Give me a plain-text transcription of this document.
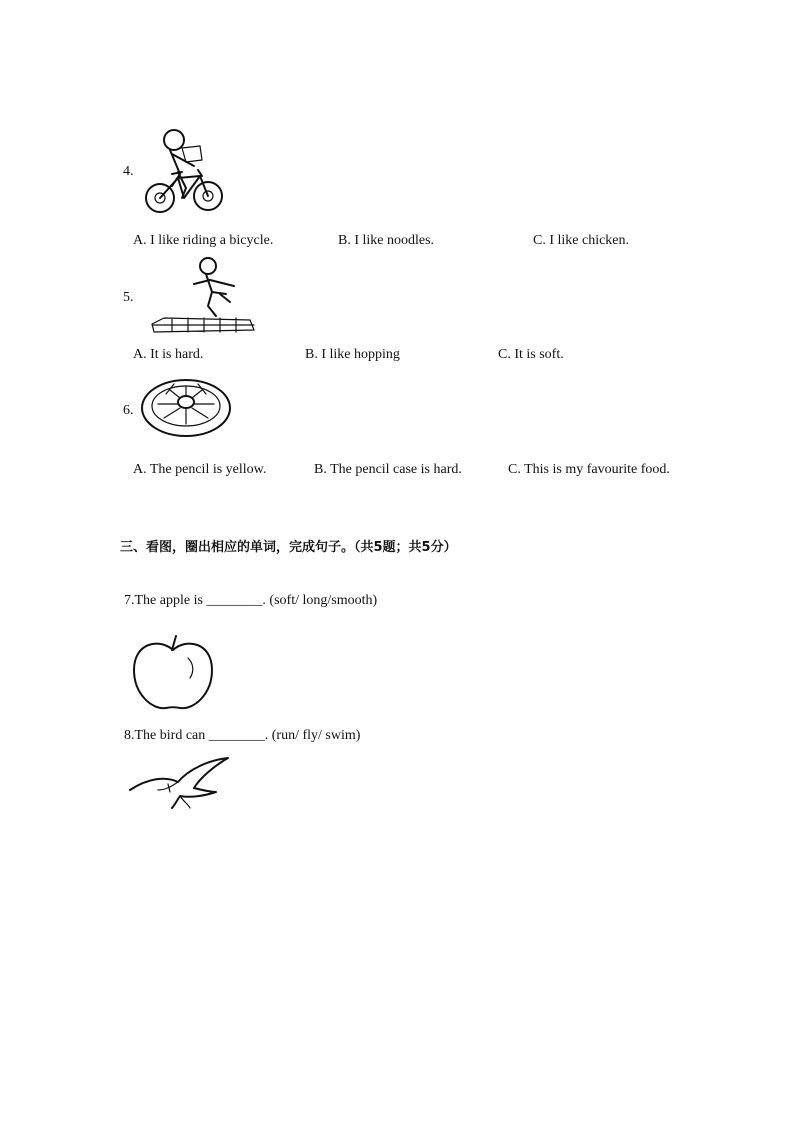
4.
A. I like riding a bicycle.	B. I like noodles.	C. I like chicken.
5.
A. It is hard.	B. I like hopping	C. It is soft.
6.
A. The pencil is yellow.	B. The pencil case is hard.	C. This is my favourite food.
三、看图，圈出相应的单词，完成句子。（共5题；共5分）
7.The apple is ________. (soft/ long/smooth)
8.The bird can ________. (run/ fly/ swim)
